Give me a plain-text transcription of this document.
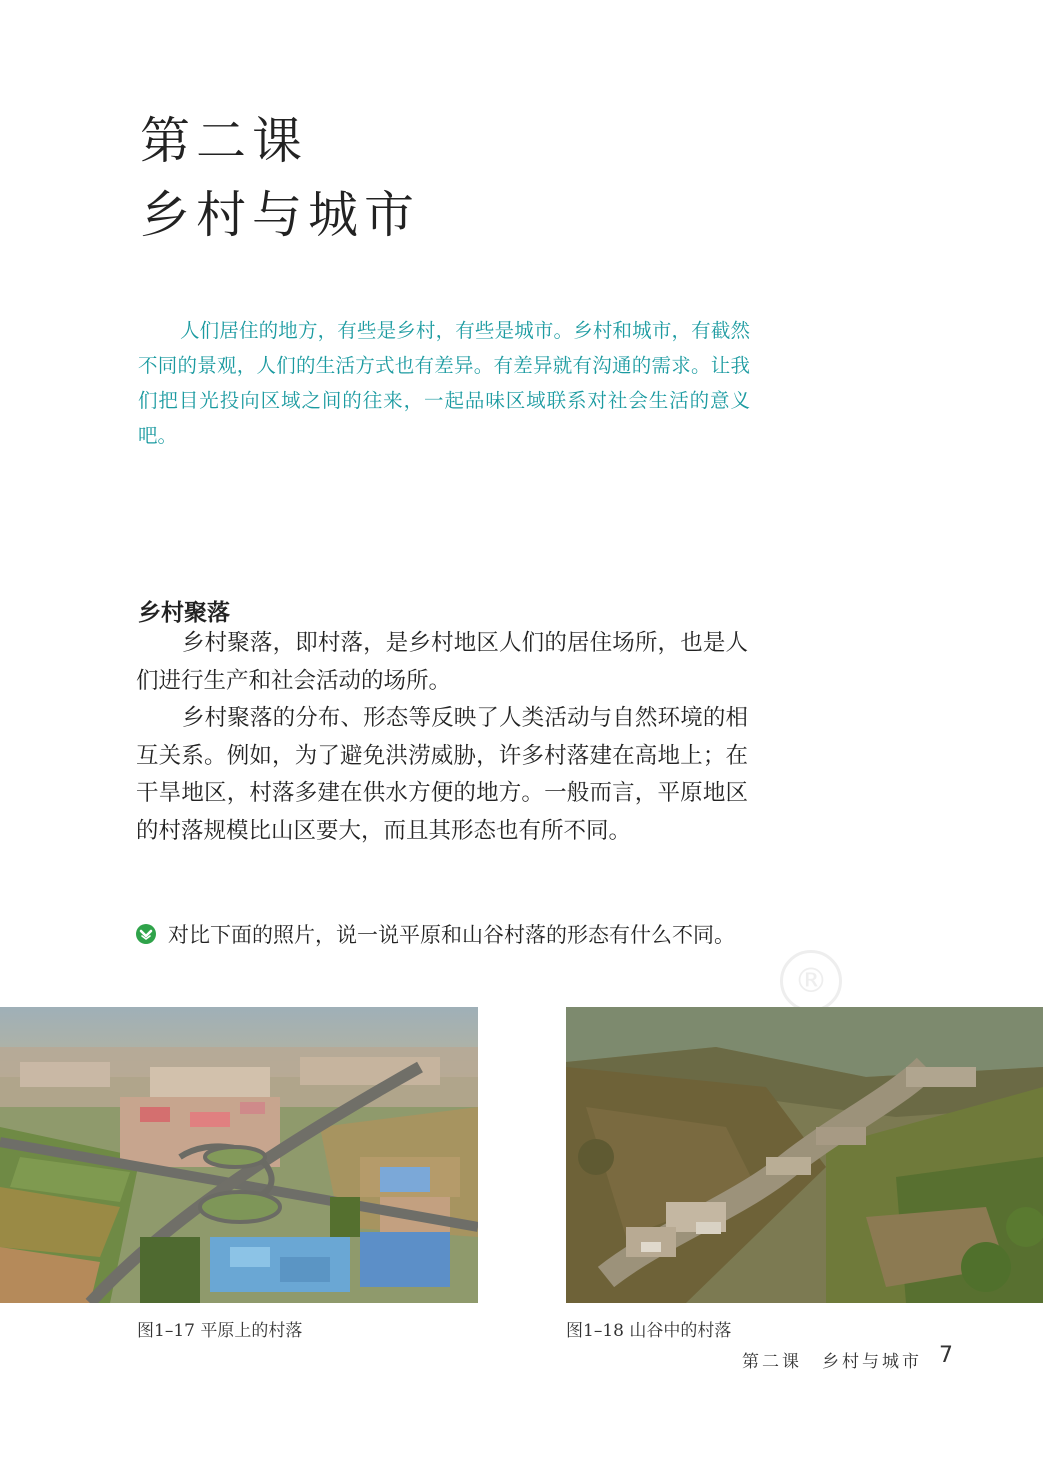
第二课
乡村与城市
人们居住的地方，有些是乡村，有些是城市。乡村和城市，有截然不同的景观，人们的生活方式也有差异。有差异就有沟通的需求。让我们把目光投向区域之间的往来，一起品味区域联系对社会生活的意义吧。
乡村聚落
乡村聚落，即村落，是乡村地区人们的居住场所，也是人们进行生产和社会活动的场所。
乡村聚落的分布、形态等反映了人类活动与自然环境的相互关系。例如，为了避免洪涝威胁，许多村落建在高地上；在干旱地区，村落多建在供水方便的地方。一般而言，平原地区的村落规模比山区要大，而且其形态也有所不同。
®
对比下面的照片，说一说平原和山谷村落的形态有什么不同。
图1–17 平原上的村落	图1–18 山谷中的村落
第二课　乡村与城市 7
